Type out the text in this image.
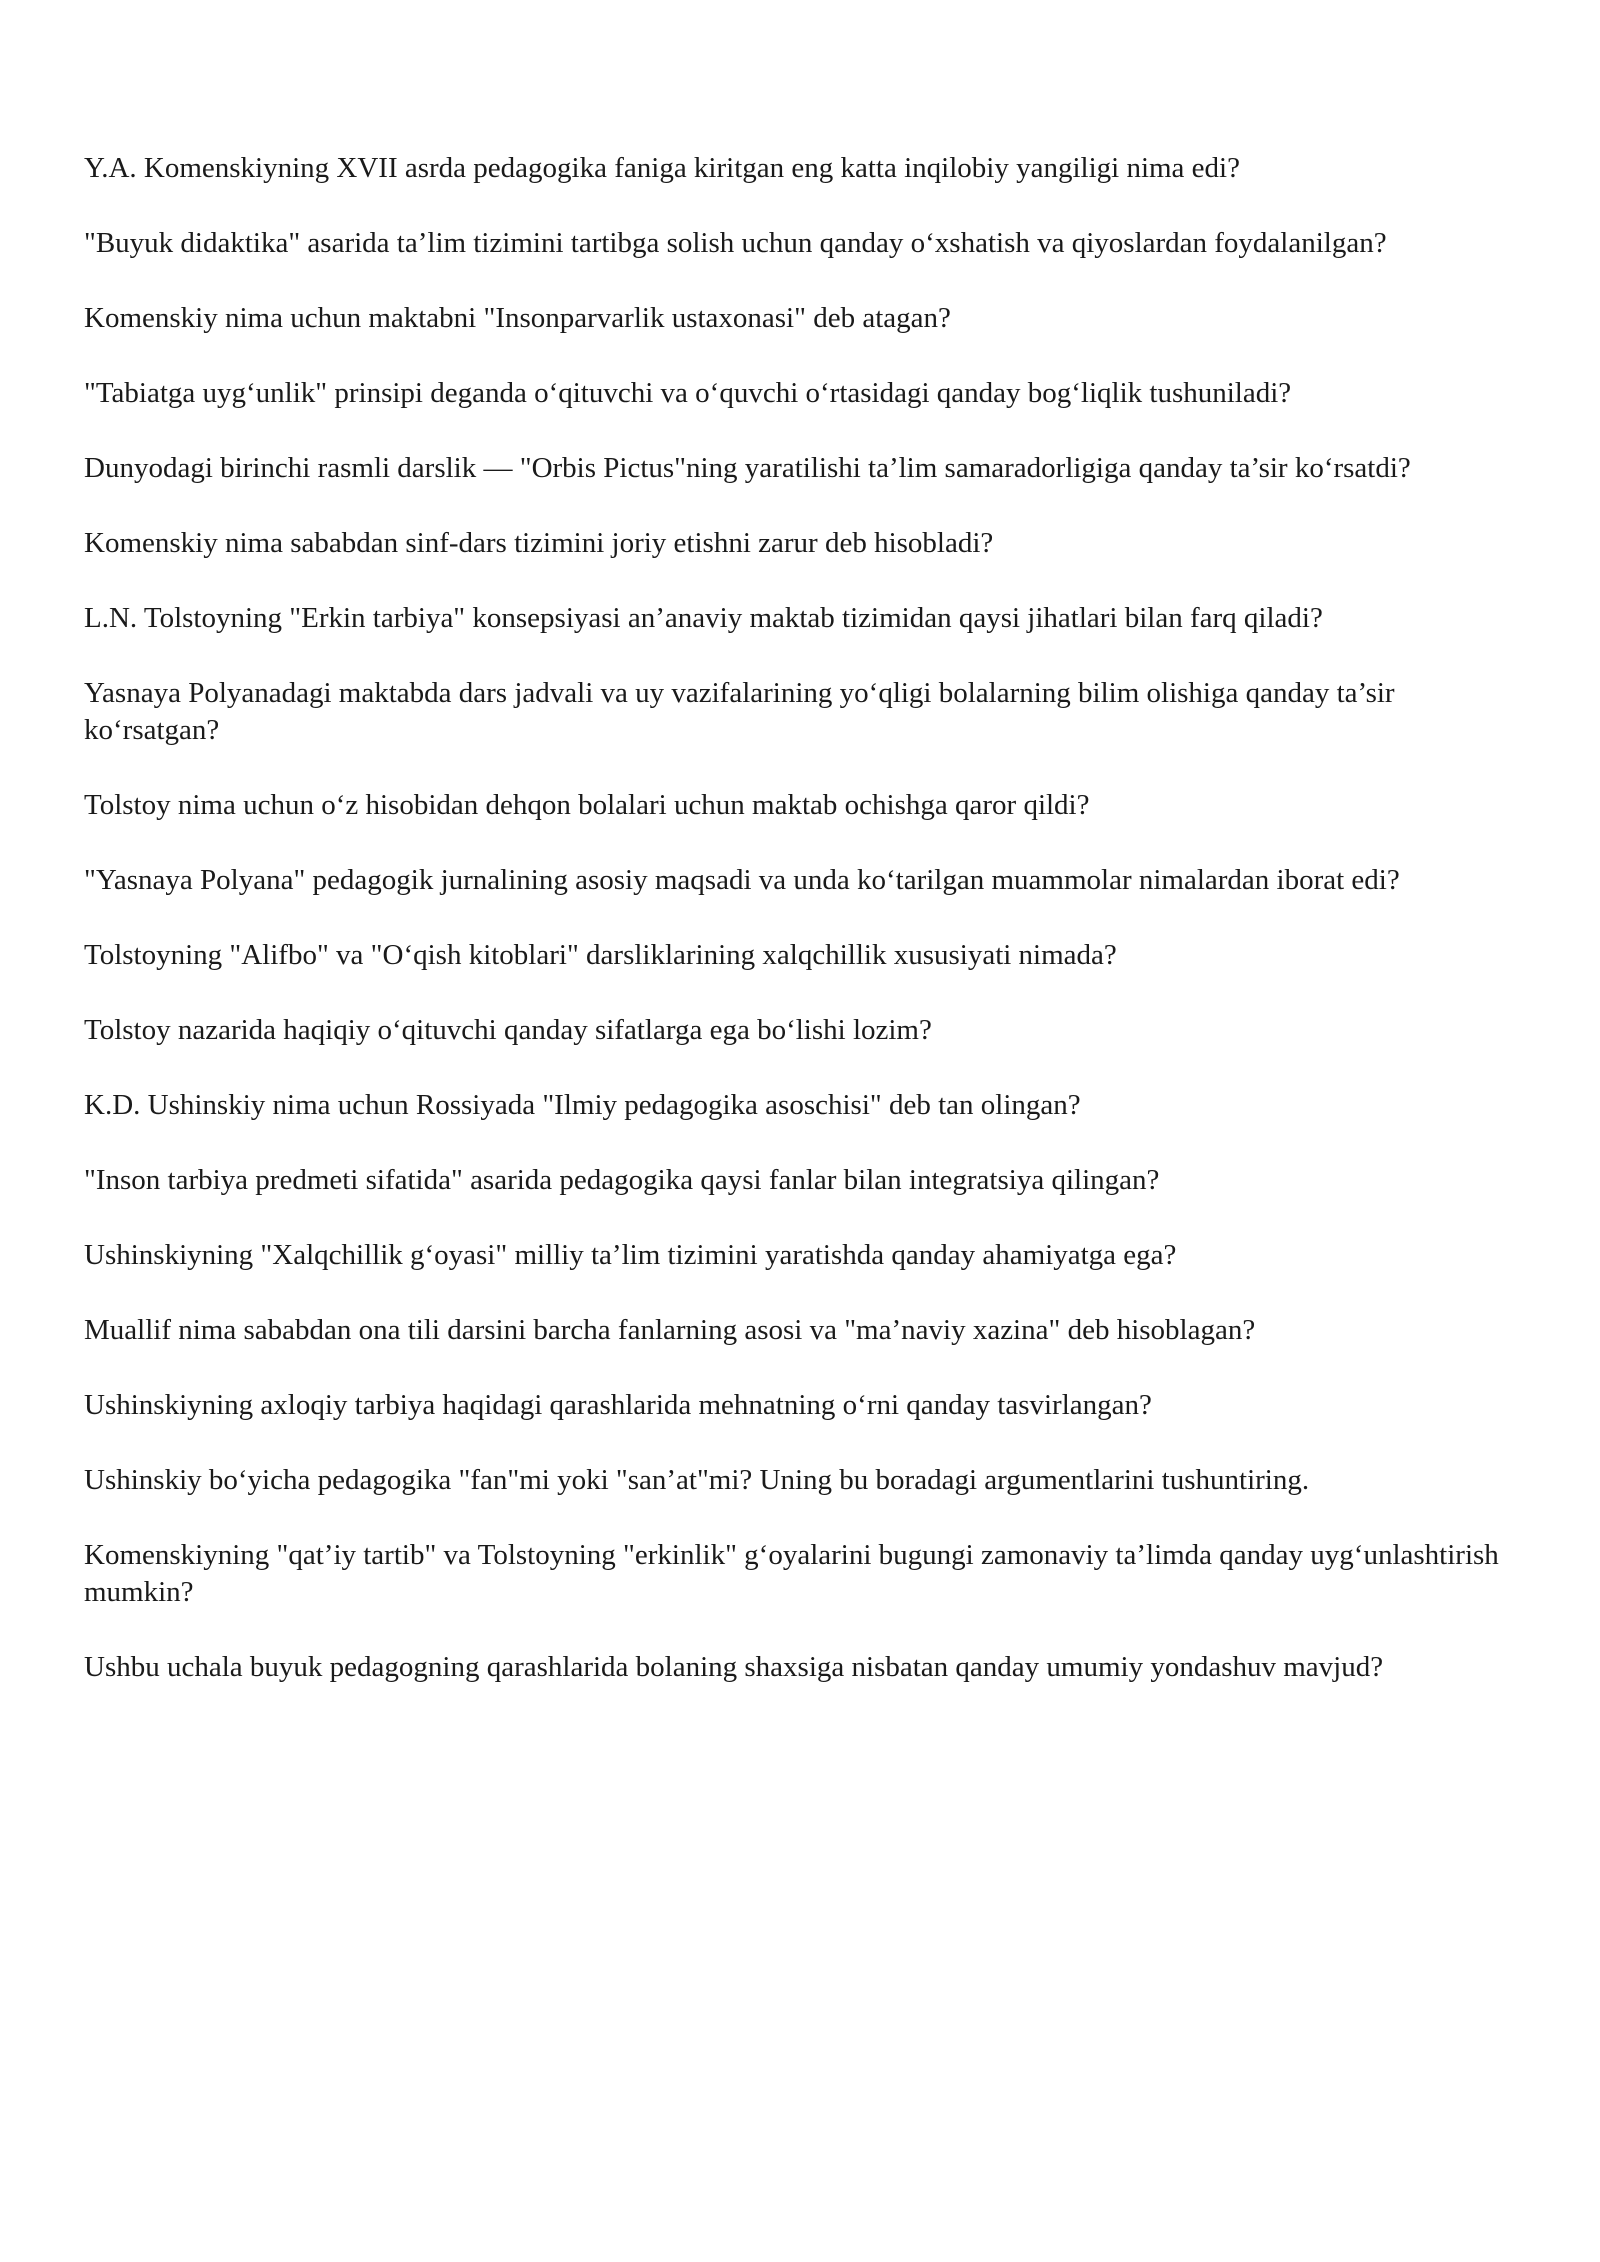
Y.A. Komenskiyning XVII asrda pedagogika faniga kiritgan eng katta inqilobiy yangiligi nima edi?

"Buyuk didaktika" asarida ta’lim tizimini tartibga solish uchun qanday o‘xshatish va qiyoslardan foydalanilgan?

Komenskiy nima uchun maktabni "Insonparvarlik ustaxonasi" deb atagan?

"Tabiatga uyg‘unlik" prinsipi deganda o‘qituvchi va o‘quvchi o‘rtasidagi qanday bog‘liqlik tushuniladi?

Dunyodagi birinchi rasmli darslik — "Orbis Pictus"ning yaratilishi ta’lim samaradorligiga qanday ta’sir ko‘rsatdi?

Komenskiy nima sababdan sinf-dars tizimini joriy etishni zarur deb hisobladi?

L.N. Tolstoyning "Erkin tarbiya" konsepsiyasi an’anaviy maktab tizimidan qaysi jihatlari bilan farq qiladi?

Yasnaya Polyanadagi maktabda dars jadvali va uy vazifalarining yo‘qligi bolalarning bilim olishiga qanday ta’sir ko‘rsatgan?

Tolstoy nima uchun o‘z hisobidan dehqon bolalari uchun maktab ochishga qaror qildi?

"Yasnaya Polyana" pedagogik jurnalining asosiy maqsadi va unda ko‘tarilgan muammolar nimalardan iborat edi?

Tolstoyning "Alifbo" va "O‘qish kitoblari" darsliklarining xalqchillik xususiyati nimada?

Tolstoy nazarida haqiqiy o‘qituvchi qanday sifatlarga ega bo‘lishi lozim?

K.D. Ushinskiy nima uchun Rossiyada "Ilmiy pedagogika asoschisi" deb tan olingan?

"Inson tarbiya predmeti sifatida" asarida pedagogika qaysi fanlar bilan integratsiya qilingan?

Ushinskiyning "Xalqchillik g‘oyasi" milliy ta’lim tizimini yaratishda qanday ahamiyatga ega?

Muallif nima sababdan ona tili darsini barcha fanlarning asosi va "ma’naviy xazina" deb hisoblagan?

Ushinskiyning axloqiy tarbiya haqidagi qarashlarida mehnatning o‘rni qanday tasvirlangan?

Ushinskiy bo‘yicha pedagogika "fan"mi yoki "san’at"mi? Uning bu boradagi argumentlarini tushuntiring.

Komenskiyning "qat’iy tartib" va Tolstoyning "erkinlik" g‘oyalarini bugungi zamonaviy ta’limda qanday uyg‘unlashtirish mumkin?

Ushbu uchala buyuk pedagogning qarashlarida bolaning shaxsiga nisbatan qanday umumiy yondashuv mavjud?
